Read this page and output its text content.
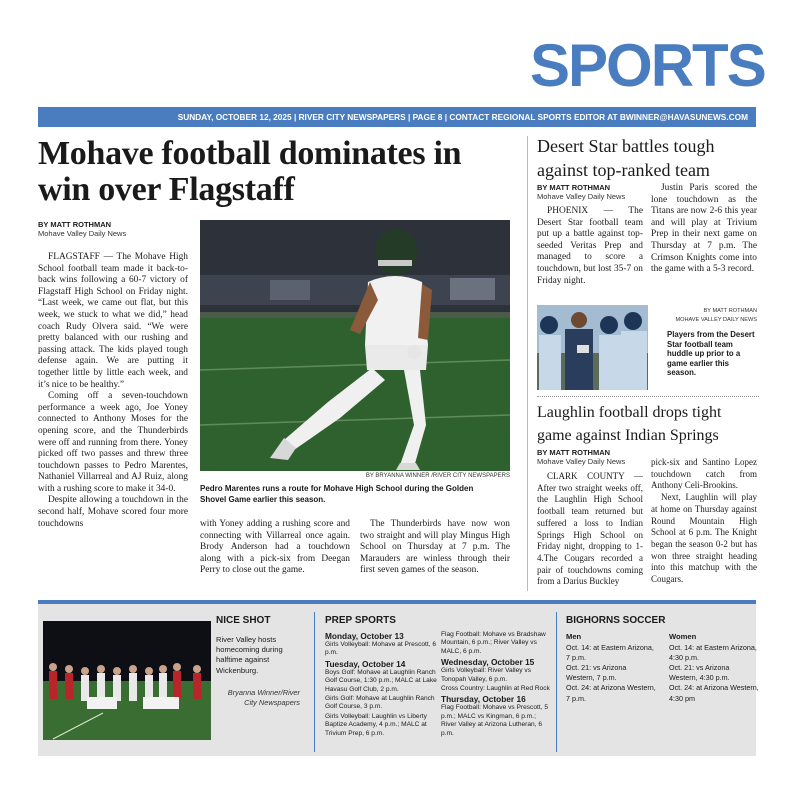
SPORTS
SUNDAY, OCTOBER 12, 2025 | RIVER CITY NEWSPAPERS | PAGE 8 | CONTACT REGIONAL SPORTS EDITOR AT BWINNER@HAVASUNEWS.COM
Mohave football dominates in win over Flagstaff
BY MATT ROTHMAN
Mohave Valley Daily News

FLAGSTAFF — The Mohave High School football team made it back-to-back wins following a 60-7 victory of Flagstaff High School on Friday night. “Last week, we came out flat, but this week, we stuck to what we did,” head coach Rudy Olvera said. “We were pretty balanced with our rushing and passing attack. The kids played tough defense again. We are putting it together little by little each week, and it’s nice to be healthy.”

Coming off a seven-touchdown performance a week ago, Joe Yoney connected to Anthony Moses for the opening score, and the Thunderbirds were off and running from there. Yoney picked off two passes and threw three touchdown passes to Pedro Marentes, Nathaniel Villarreal and AJ Ruiz, along with a rushing score to make it 34-0.

Despite allowing a touchdown in the second half, Mohave scored four more touchdowns

BY BRYANNA WINNER /RIVER CITY NEWSPAPERS
Pedro Marentes runs a route for Mohave High School during the Golden Shovel Game earlier this season.

with Yoney adding a rushing score and connecting with Villarreal once again. Brody Anderson had a touchdown along with a pick-six from Deegan Perry to close out the game.

The Thunderbirds have now won two straight and will play Mingus High School on Thursday at 7 p.m. The Marauders are winless through their first seven games of the season.

Desert Star battles tough against top-ranked team
BY MATT ROTHMAN
Mohave Valley Daily News

PHOENIX — The Desert Star football team put up a battle against top-seeded Veritas Prep and managed to score a touchdown, but lost 35-7 on Friday night.

Justin Paris scored the lone touchdown as the Titans are now 2-6 this year and will play at Trivium Prep in their next game on Thursday at 7 p.m. The Crimson Knights come into the game with a 5-3 record.

BY MATT ROTHMAN
MOHAVE VALLEY DAILY NEWS
Players from the Desert Star football team huddle up prior to a game earlier this season.
Laughlin football drops tight game against Indian Springs
BY MATT ROTHMAN
Mohave Valley Daily News

CLARK COUNTY — After two straight weeks off, the Laughlin High School football team returned but suffered a loss to Indian Springs High School on Friday night, dropping to 1-4.The Cougars recorded a pair of touchdowns coming from a Darius Buckley

pick-six and Santino Lopez touchdown catch from Anthony Celi-Brookins.

Next, Laughlin will play at home on Thursday against Round Mountain High School at 6 p.m. The Knight began the season 0-2 but has won three straight heading into this matchup with the Cougars.

NICE SHOT
River Valley hosts homecoming during halftime against Wickenburg.
Bryanna Winner/River City Newspapers
PREP SPORTS
Monday, October 13
Girls Volleyball: Mohave at Prescott, 6 p.m.
Tuesday, October 14
Boys Golf: Mohave at Laughlin Ranch Golf Course, 1:30 p.m.; MALC at Lake Havasu Golf Club, 2 p.m.
Girls Golf: Mohave at Laughlin Ranch Golf Course, 3 p.m.
Girls Volleyball: Laughlin vs Liberty Baptize Academy, 4 p.m.; MALC at Trivium Prep, 6 p.m.
Flag Football: Mohave vs Bradshaw Mountain, 6 p.m.; River Valley vs MALC, 6 p.m.
Wednesday, October 15
Girls Volleyball: River Valley vs Tonopah Valley, 6 p.m.
Cross Country: Laughlin at Red Rock
Thursday, October 16
Flag Football: Mohave vs Prescott, 5 p.m.; MALC vs Kingman, 6 p.m.; River Valley at Arizona Lutheran, 6 p.m.
BIGHORNS SOCCER
Men
Oct. 14: at Eastern Arizona, 7 p.m.
Oct. 21: vs Arizona Western, 7 p.m.
Oct. 24: at Arizona Western, 7 p.m.
Women
Oct. 14: at Eastern Arizona, 4:30 p.m.
Oct. 21: vs Arizona Western, 4:30 p.m.
Oct. 24: at Arizona Western, 4:30 pm
